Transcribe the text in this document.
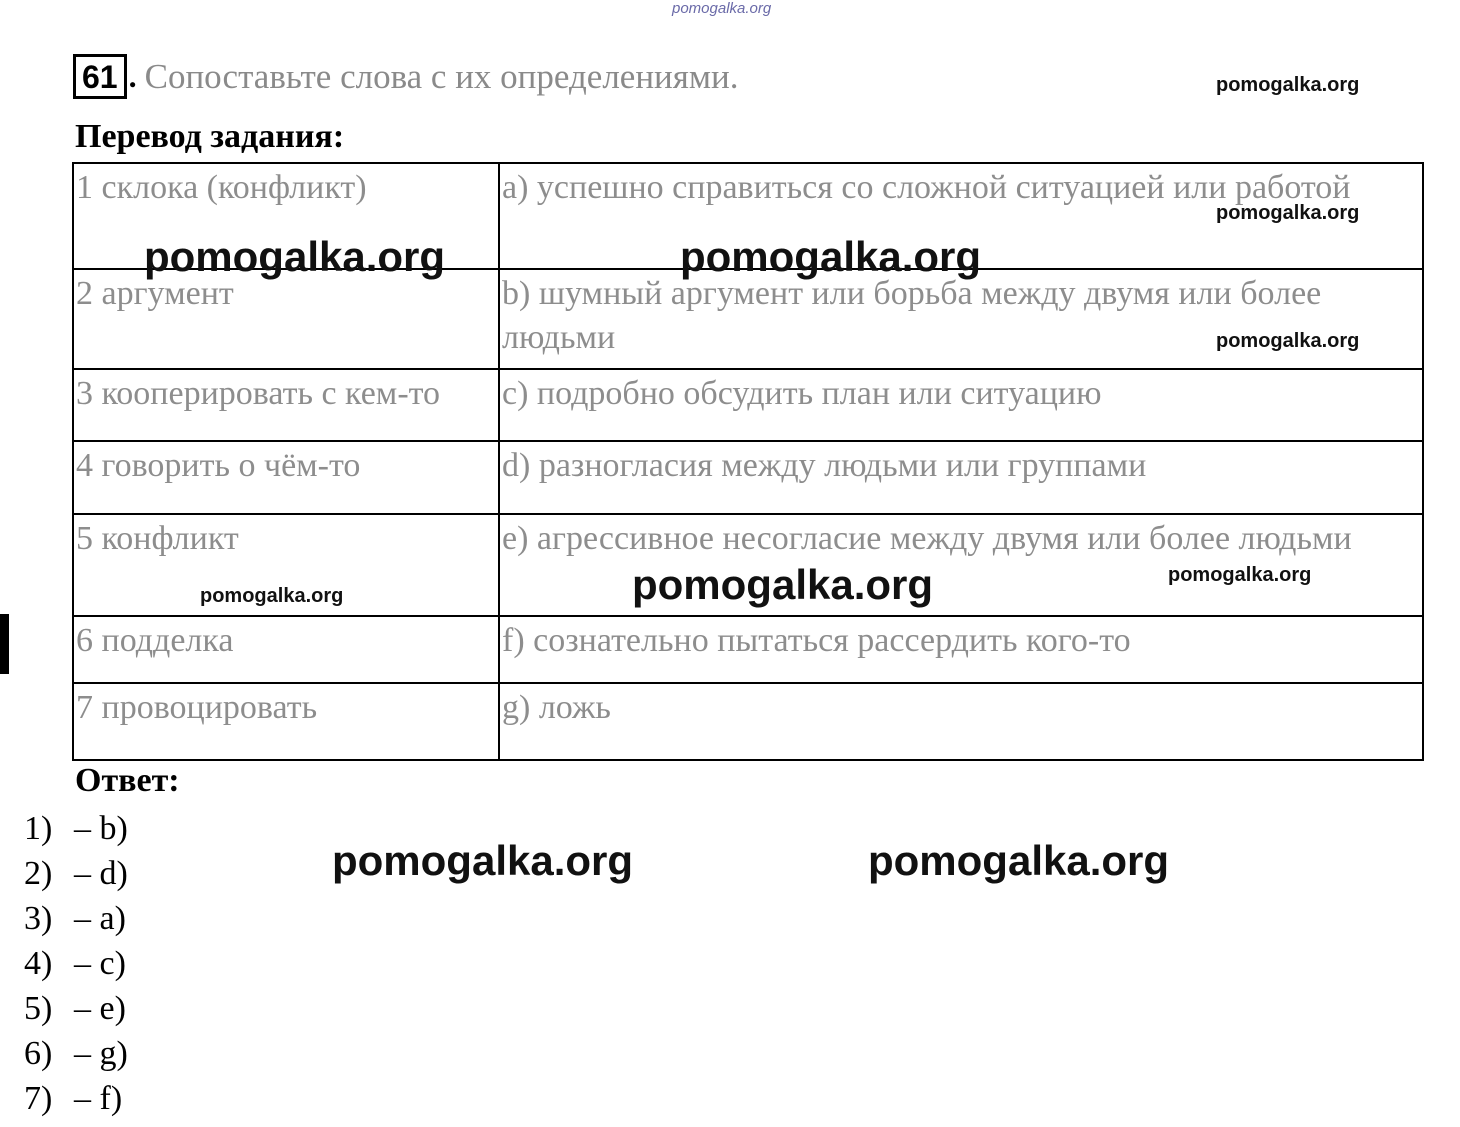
pomogalka.org
61 . Сопоставьте слова с их определениями.
Перевод задания:
1 склока (конфликт)	a) успешно справиться со сложной ситуацией или работой
2 аргумент	b) шумный аргумент или борьба между двумя или более людьми
3 кооперировать с кем-то	c) подробно обсудить план или ситуацию
4 говорить о чём-то	d) разногласия между людьми или группами
5 конфликт	e) агрессивное несогласие между двумя или более людьми
6 подделка	f) сознательно пытаться рассердить кого-то
7 провоцировать	g) ложь
Ответ:
1) – b)
2) – d)
3) – a)
4) – c)
5) – e)
6) – g)
7) – f)
pomogalka.org
pomogalka.org
pomogalka.org
pomogalka.org
pomogalka.org
pomogalka.org	pomogalka.org
pomogalka.org
pomogalka.org	pomogalka.org
